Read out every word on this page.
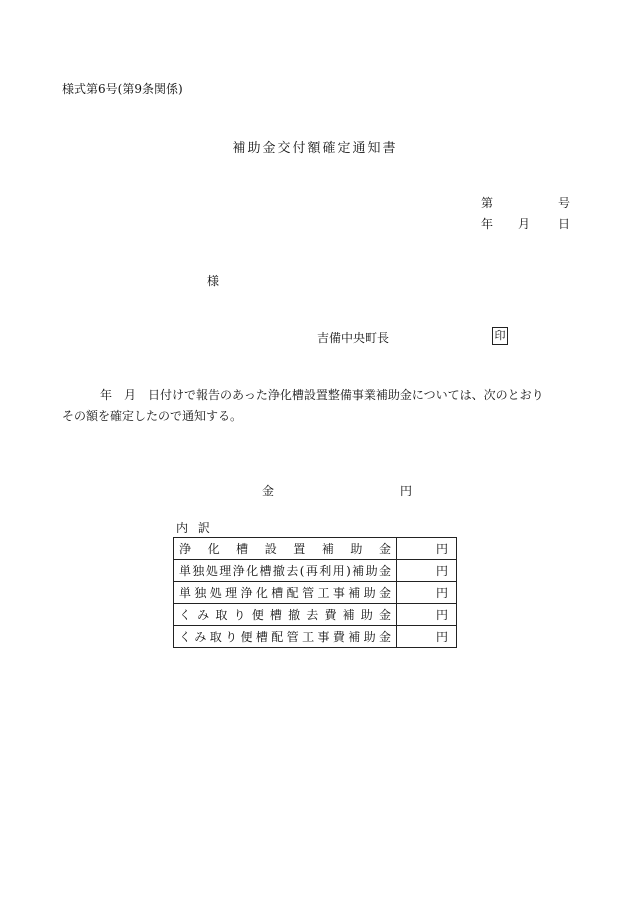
様式第6号(第9条関係)
補助金交付額確定通知書
第	号
年 月 日
様
吉備中央町長	印
年　月　日付けで報告のあった浄化槽設置整備事業補助金については、次のとおり
その額を確定したので通知する。
金	円
内 訳
浄化槽設置補助金	円
単独処理浄化槽撤去(再利用)補助金	円
単独処理浄化槽配管工事補助金	円
くみ取り便槽撤去費補助金	円
くみ取り便槽配管工事費補助金	円
